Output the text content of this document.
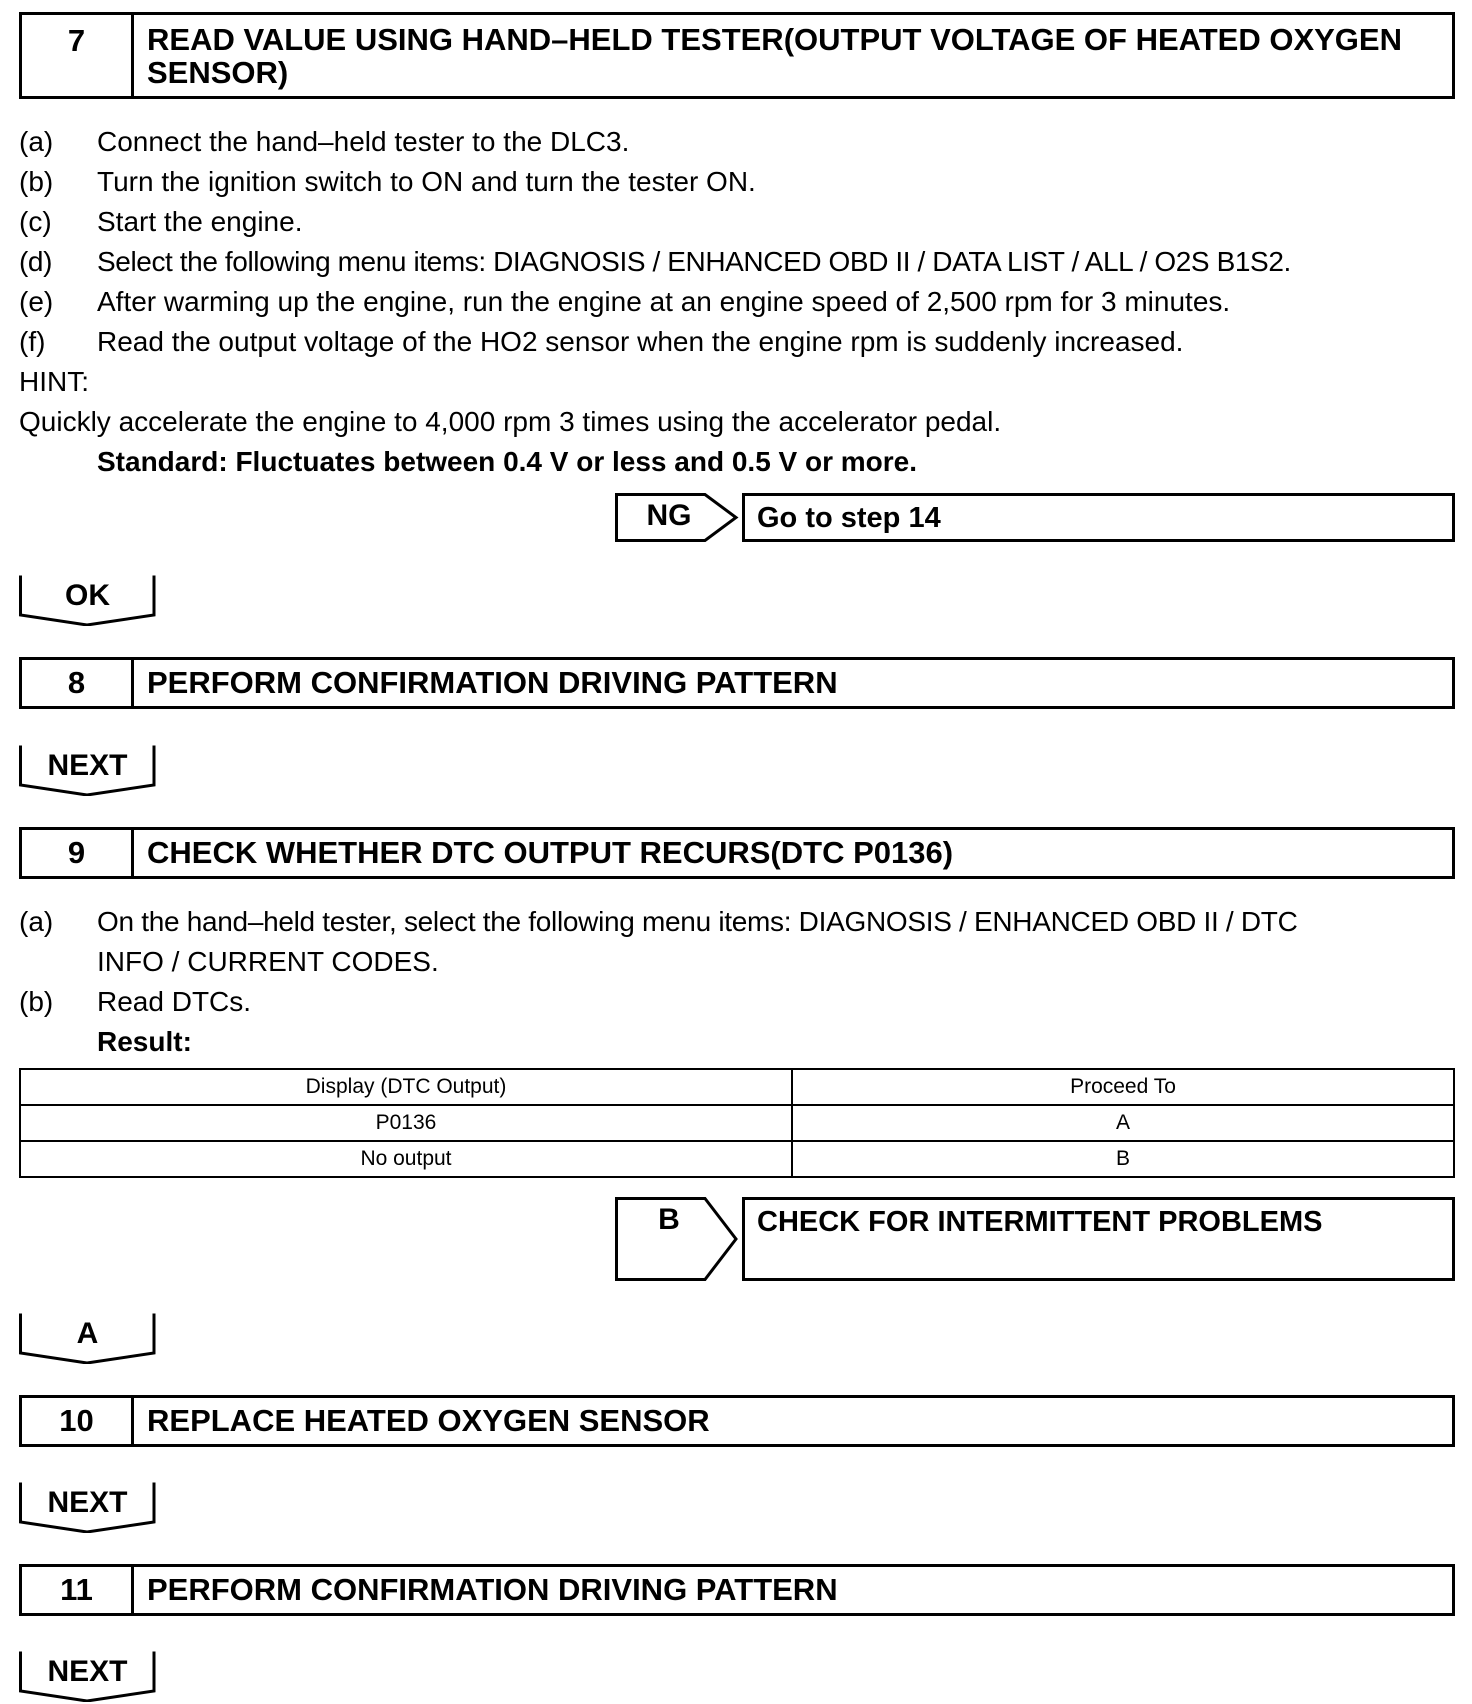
7	READ VALUE USING HAND–HELD TESTER(OUTPUT VOLTAGE OF HEATED OXYGEN SENSOR)
(a) Connect the hand–held tester to the DLC3.
(b) Turn the ignition switch to ON and turn the tester ON.
(c) Start the engine.
(d) Select the following menu items: DIAGNOSIS / ENHANCED OBD II / DATA LIST / ALL / O2S B1S2.
(e) After warming up the engine, run the engine at an engine speed of 2,500 rpm for 3 minutes.
(f) Read the output voltage of the HO2 sensor when the engine rpm is suddenly increased.
HINT:
Quickly accelerate the engine to 4,000 rpm 3 times using the accelerator pedal.
Standard: Fluctuates between 0.4 V or less and 0.5 V or more.
NG	Go to step 14
OK
8	PERFORM CONFIRMATION DRIVING PATTERN
NEXT
9	CHECK WHETHER DTC OUTPUT RECURS(DTC P0136)
(a) On the hand–held tester, select the following menu items: DIAGNOSIS / ENHANCED OBD II / DTC
INFO / CURRENT CODES.
(b) Read DTCs.
Result:
Display (DTC Output)	Proceed To
P0136	A
No output	B
B	CHECK FOR INTERMITTENT PROBLEMS
A
10	REPLACE HEATED OXYGEN SENSOR
NEXT
11	PERFORM CONFIRMATION DRIVING PATTERN
NEXT
